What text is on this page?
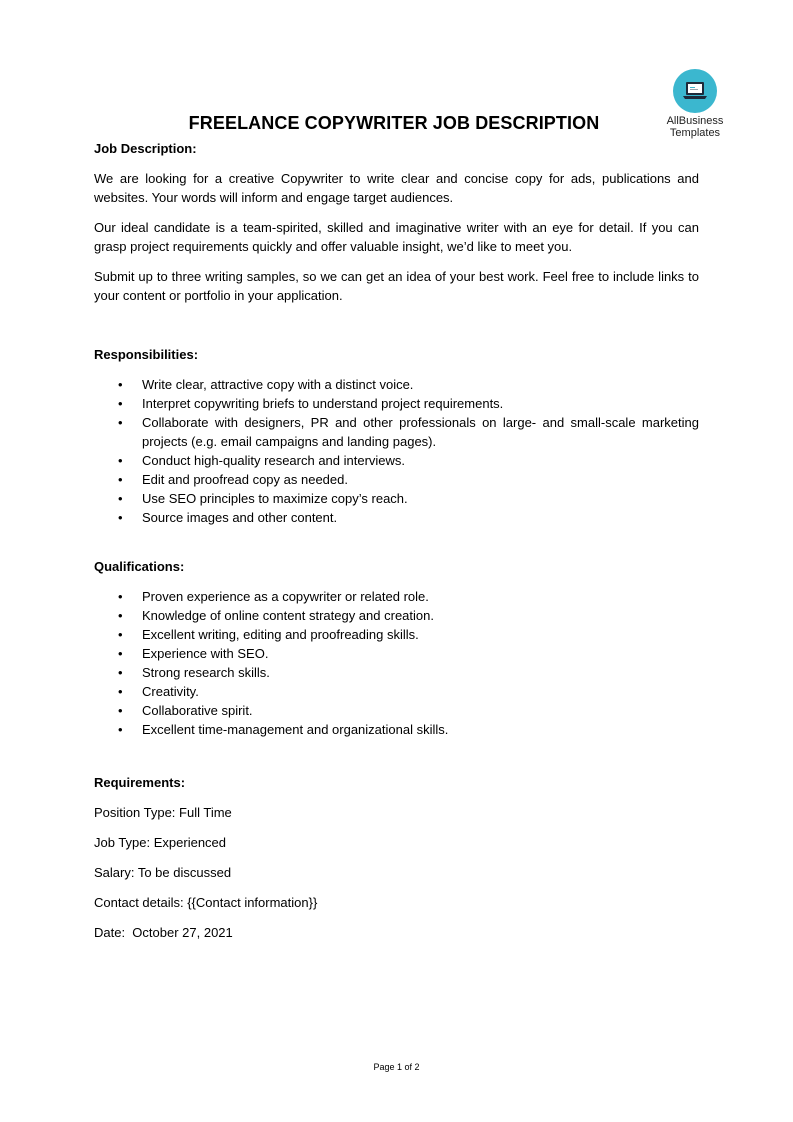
AllBusiness
Templates
FREELANCE COPYWRITER JOB DESCRIPTION

Job Description:

We are looking for a creative Copywriter to write clear and concise copy for ads, publications and websites. Your words will inform and engage target audiences.

Our ideal candidate is a team-spirited, skilled and imaginative writer with an eye for detail. If you can grasp project requirements quickly and offer valuable insight, we’d like to meet you.

Submit up to three writing samples, so we can get an idea of your best work. Feel free to include links to your content or portfolio in your application.

Responsibilities:

• Write clear, attractive copy with a distinct voice.
• Interpret copywriting briefs to understand project requirements.
• Collaborate with designers, PR and other professionals on large- and small-scale marketing projects (e.g. email campaigns and landing pages).
• Conduct high-quality research and interviews.
• Edit and proofread copy as needed.
• Use SEO principles to maximize copy’s reach.
• Source images and other content.

Qualifications:

• Proven experience as a copywriter or related role.
• Knowledge of online content strategy and creation.
• Excellent writing, editing and proofreading skills.
• Experience with SEO.
• Strong research skills.
• Creativity.
• Collaborative spirit.
• Excellent time-management and organizational skills.

Requirements:

Position Type: Full Time

Job Type: Experienced

Salary: To be discussed

Contact details: {{Contact information}}

Date:  October 27, 2021

Page 1 of 2
